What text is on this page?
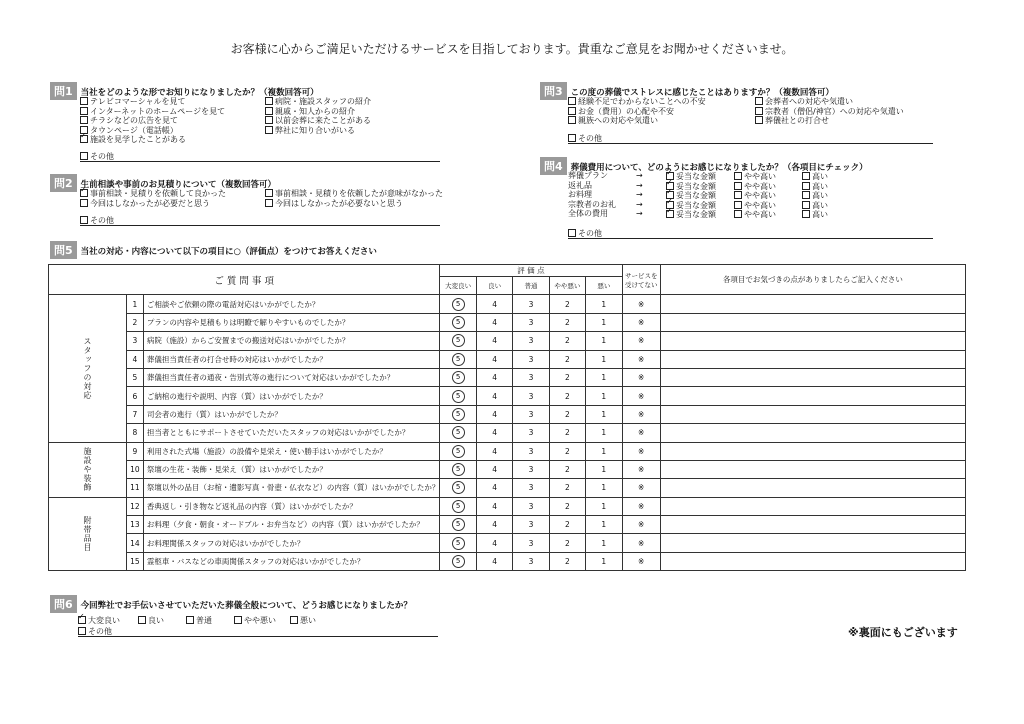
お客様に心からご満足いただけるサービスを目指しております。貴重なご意見をお聞かせくださいませ。
問1 当社をどのような形でお知りになりましたか？（複数回答可）
テレビコマーシャルを見て
インターネットのホームページを見て
チラシなどの広告を見て
タウンページ（電話帳）
✓施設を見学したことがある
病院・施設スタッフの紹介
親戚・知人からの紹介
以前会葬に来たことがある
弊社に知り合いがいる
その他
問2 生前相談や事前のお見積りについて（複数回答可）
✓事前相談・見積りを依頼して良かった
今回はしなかったが必要だと思う
事前相談・見積りを依頼したが意味がなかった
今回はしなかったが必要ないと思う
その他
問3 この度の葬儀でストレスに感じたことはありますか？（複数回答可）
経験不足でわからないことへの不安
お金（費用）の心配や不安
親族への対応や気遣い
会葬者への対応や気遣い
宗教者（僧侶/神官）への対応や気遣い
葬儀社との打合せ
その他
問4 葬儀費用について、どのようにお感じになりましたか？（各項目にチェック）
葬儀プラン	→ ✓	妥当な金額	やや高い	高い
返礼品	→ ✓	妥当な金額	やや高い	高い
お料理	→ ✓	妥当な金額	やや高い	高い
宗教者のお礼	→ ✓	妥当な金額	やや高い	高い
全体の費用	→ ✓	妥当な金額	やや高い	高い
その他
問5 当社の対応・内容について以下の項目に○（評価点）をつけてお答えください
ご 質 問 事 項			評 価 点					サービスを受けてない	各項目でお気づきの点がありましたらご記入ください
			大変良い	良い	普通	やや悪い	悪い		
スタッフの対応	1	ご相談やご依頼の際の電話対応はいかがでしたか？	5	4	3	2	1	※	
	2	プランの内容や見積もりは明瞭で解りやすいものでしたか？	5	4	3	2	1	※	
	3	病院（施設）からご安置までの搬送対応はいかがでしたか？	5	4	3	2	1	※	
	4	葬儀担当責任者の打合せ時の対応はいかがでしたか？	5	4	3	2	1	※	
	5	葬儀担当責任者の通夜・告別式等の進行について対応はいかがでしたか？	5	4	3	2	1	※	
	6	ご納棺の進行や説明、内容（質）はいかがでしたか？	5	4	3	2	1	※	
	7	司会者の進行（質）はいかがでしたか？	5	4	3	2	1	※	
	8	担当者とともにサポートさせていただいたスタッフの対応はいかがでしたか？	5	4	3	2	1	※	
施設や装飾	9	利用された式場（施設）の設備や見栄え・使い勝手はいかがでしたか？	5	4	3	2	1	※	
	10	祭壇の生花・装飾・見栄え（質）はいかがでしたか？	5	4	3	2	1	※	
	11	祭壇以外の品目（お棺・遺影写真・骨壺・仏衣など）の内容（質）はいかがでしたか？	5	4	3	2	1	※	
附帯品目	12	香典返し・引き物など返礼品の内容（質）はいかがでしたか？	5	4	3	2	1	※	
	13	お料理（夕食・朝食・オードブル・お弁当など）の内容（質）はいかがでしたか？	5	4	3	2	1	※	
	14	お料理関係スタッフの対応はいかがでしたか？	5	4	3	2	1	※	
	15	霊柩車・バスなどの車両関係スタッフの対応はいかがでしたか？	5	4	3	2	1	※	
問6 今回弊社でお手伝いさせていただいた葬儀全般について、どうお感じになりましたか？
✓大変良い	良い	普通	やや悪い	悪い
その他	※裏面にもございます
